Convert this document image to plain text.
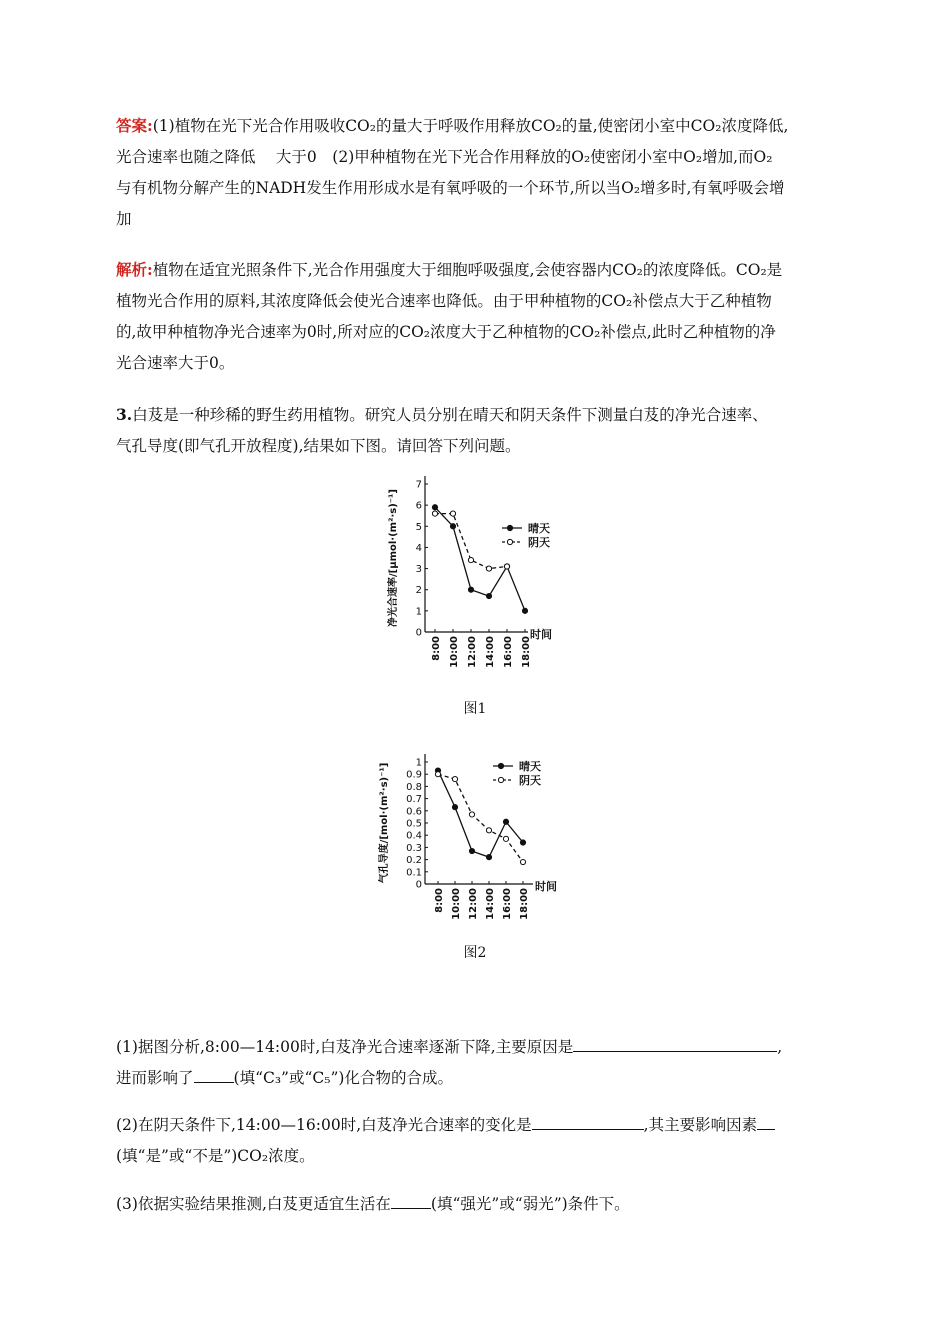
答案:(1)植物在光下光合作用吸收CO₂的量大于呼吸作用释放CO₂的量,使密闭小室中CO₂浓度降低,

光合速率也随之降低　 大于0　(2)甲种植物在光下光合作用释放的O₂使密闭小室中O₂增加,而O₂

与有机物分解产生的NADH发生作用形成水是有氧呼吸的一个环节,所以当O₂增多时,有氧呼吸会增

加

解析:植物在适宜光照条件下,光合作用强度大于细胞呼吸强度,会使容器内CO₂的浓度降低。CO₂是

植物光合作用的原料,其浓度降低会使光合速率也降低。由于甲种植物的CO₂补偿点大于乙种植物

的,故甲种植物净光合速率为0时,所对应的CO₂浓度大于乙种植物的CO₂补偿点,此时乙种植物的净

光合速率大于0。

3.白芨是一种珍稀的野生药用植物。研究人员分别在晴天和阴天条件下测量白芨的净光合速率、

气孔导度(即气孔开放程度),结果如下图。请回答下列问题。

0
1
2
3
4
5
6
7
8:00 10:00 12:00 14:00 16:00 18:00
时间
净光合速率/[μmol·(m²·s)⁻¹]	晴天
阴天
图1
0
0.1
0.2
0.3
0.4
0.5
0.6
0.7
0.8
0.9
1
8:00 10:00 12:00 14:00 16:00 18:00
时间
气孔导度/[mol·(m²·s)⁻¹]	晴天
阴天
图2

(1)据图分析,8:00—14:00时,白芨净光合速率逐渐下降,主要原因是	,

进而影响了	(填“C₃”或“C₅”)化合物的合成。

(2)在阴天条件下,14:00—16:00时,白芨净光合速率的变化是	,其主要影响因素

(填“是”或“不是”)CO₂浓度。

(3)依据实验结果推测,白芨更适宜生活在	(填“强光”或“弱光”)条件下。
